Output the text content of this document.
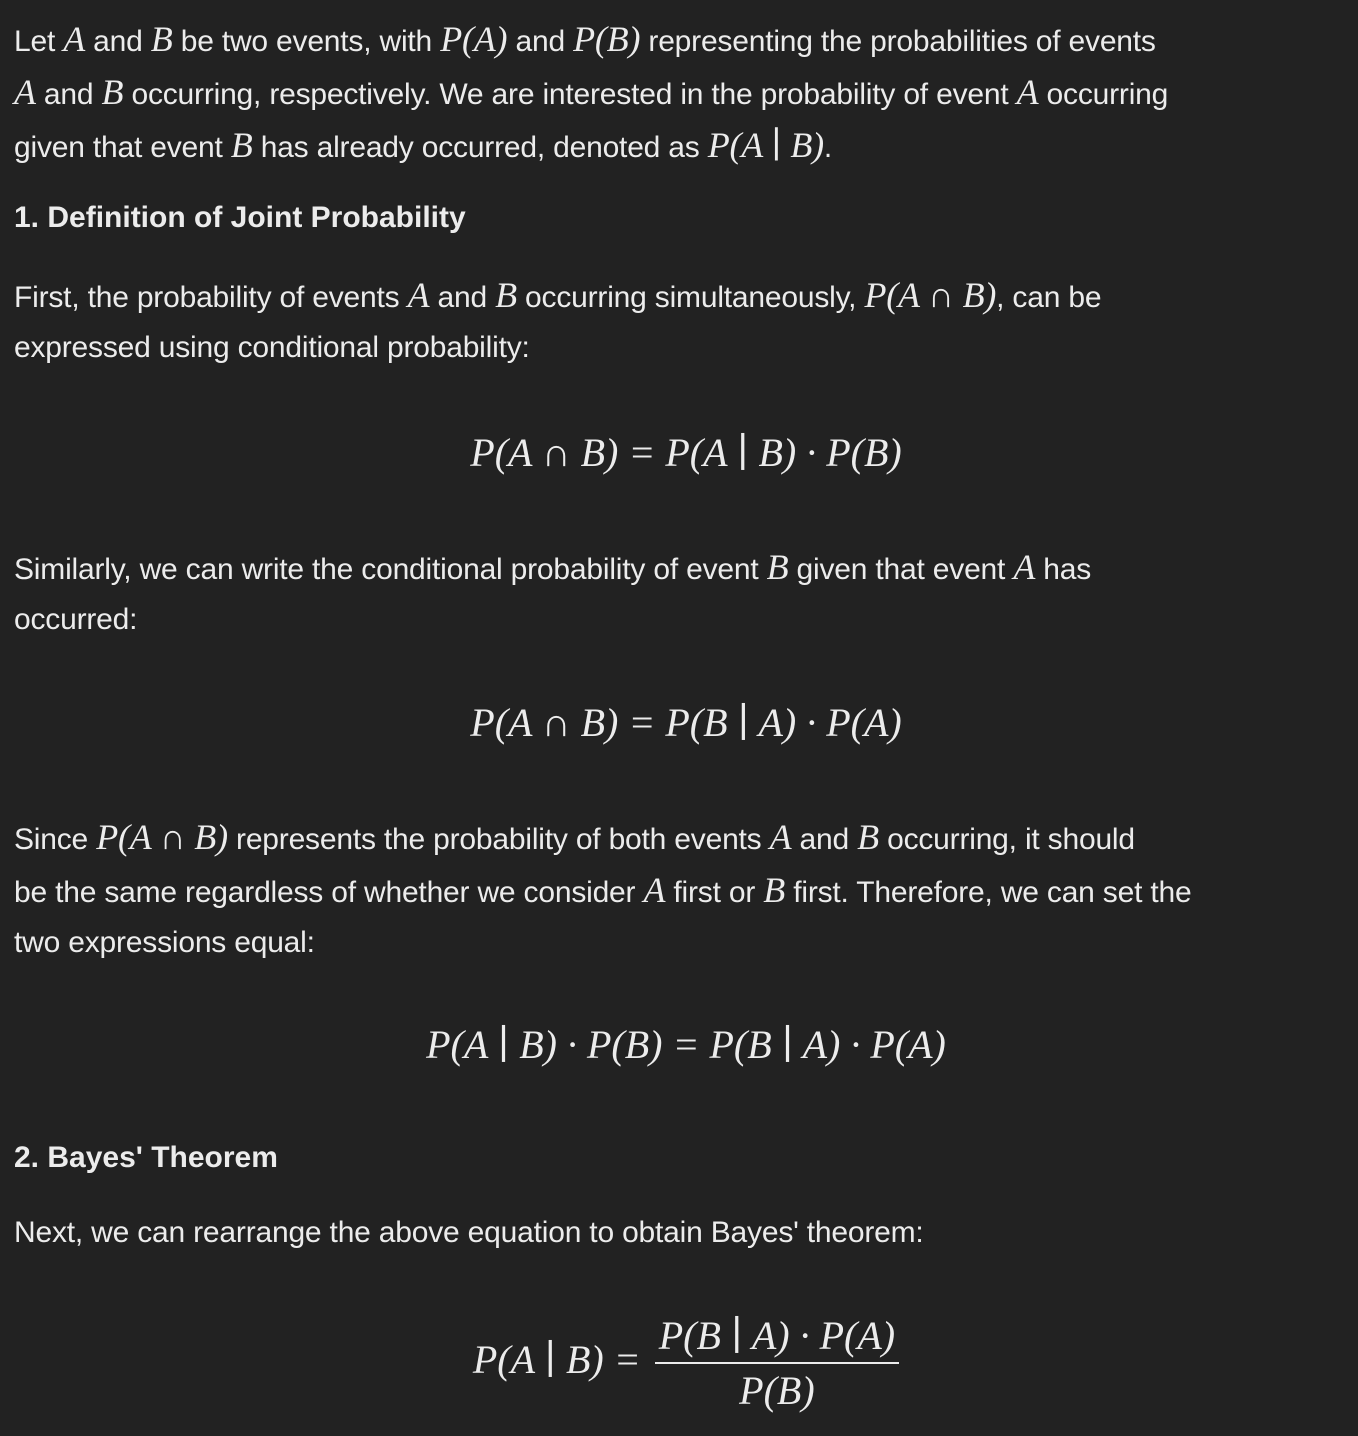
Let A and B be two events, with P(A) and P(B) representing the probabilities of events
A and B occurring, respectively. We are interested in the probability of event A occurring
given that event B has already occurred, denoted as P(A ∣ B).

1. Definition of Joint Probability

First, the probability of events A and B occurring simultaneously, P(A ∩ B), can be
expressed using conditional probability:

P(A ∩ B) = P(A ∣ B) · P(B)

Similarly, we can write the conditional probability of event B given that event A has
occurred:

P(A ∩ B) = P(B ∣ A) · P(A)

Since P(A ∩ B) represents the probability of both events A and B occurring, it should
be the same regardless of whether we consider A first or B first. Therefore, we can set the
two expressions equal:

P(A ∣ B) · P(B) = P(B ∣ A) · P(A)
2. Bayes' Theorem

Next, we can rearrange the above equation to obtain Bayes' theorem:

P(A ∣ $B) = \frac{P(B ∣ A) \cdot P(A)}{P(B)}$
